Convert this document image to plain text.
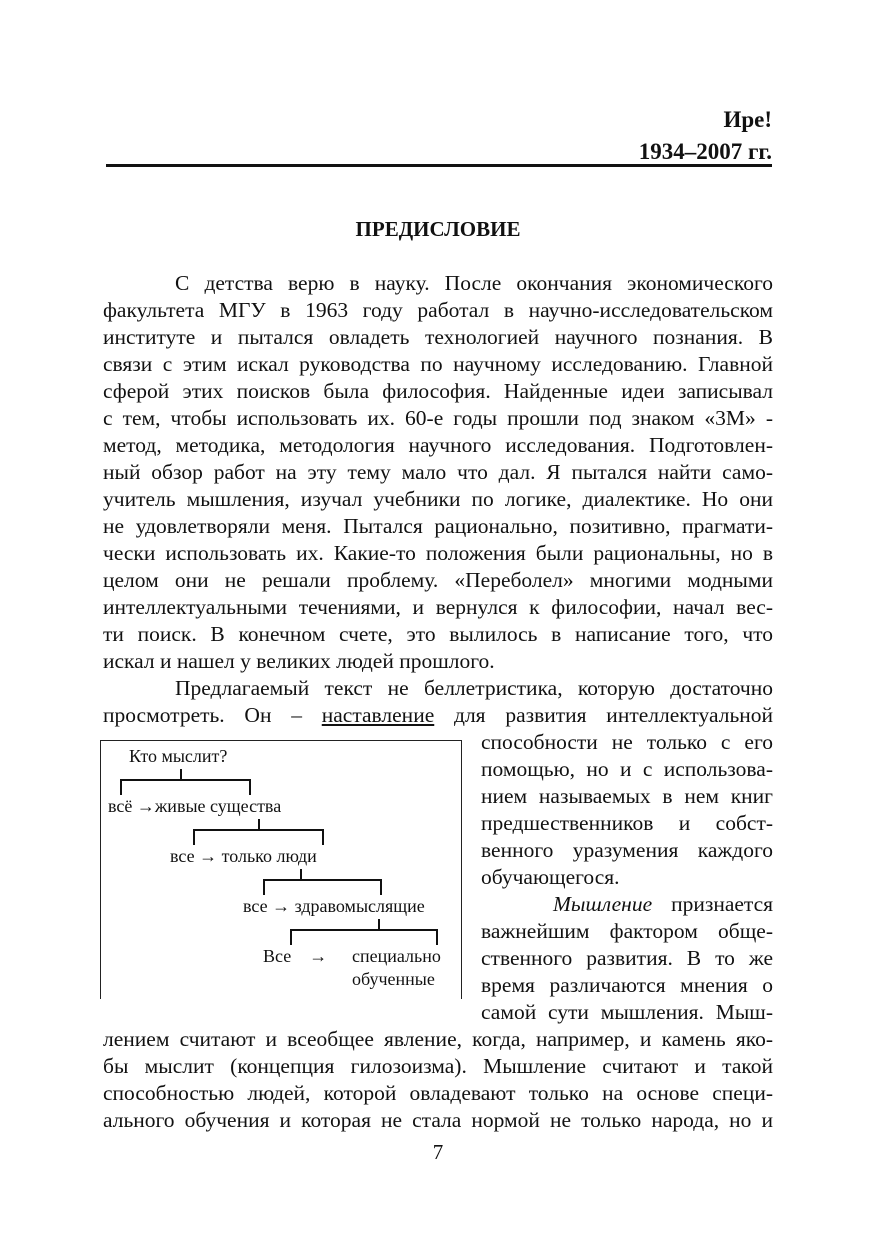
Ире!
1934–2007 гг.
ПРЕДИСЛОВИЕ
С детства верю в науку. После окончания экономического
факультета МГУ в 1963 году работал в научно-исследовательском
институте и пытался овладеть технологией научного познания. В
связи с этим искал руководства по научному исследованию. Главной
сферой этих поисков была философия. Найденные идеи записывал
с тем, чтобы использовать их. 60-е годы прошли под знаком «3М» -
метод, методика, методология научного исследования. Подготовлен-
ный обзор работ на эту тему мало что дал. Я пытался найти само-
учитель мышления, изучал учебники по логике, диалектике. Но они
не удовлетворяли меня. Пытался рационально, позитивно, прагмати-
чески использовать их. Какие-то положения были рациональны, но в
целом они не решали проблему. «Переболел» многими модными
интеллектуальными течениями, и вернулся к философии, начал вес-
ти поиск. В конечном счете, это вылилось в написание того, что
искал и нашел у великих людей прошлого.
Предлагаемый текст не беллетристика, которую достаточно
просмотреть. Он – наставление для развития интеллектуальной
способности не только с его
помощью, но и с использова-
нием называемых в нем книг
предшественников и собст-
венного уразумения каждого
обучающегося.
Мышление признается
важнейшим фактором обще-
ственного развития. В то же
время различаются мнения о
самой сути мышления. Мыш-
лением считают и всеобщее явление, когда, например, и камень яко-
бы мыслит (концепция гилозоизма). Мышление считают и такой
способностью людей, которой овладевают только на основе специ-
ального обучения и которая не стала нормой не только народа, но и
Кто мыслит?
всё →живые существа
все → только люди
все → здравомыслящие
Все    → специально
обученные
7
